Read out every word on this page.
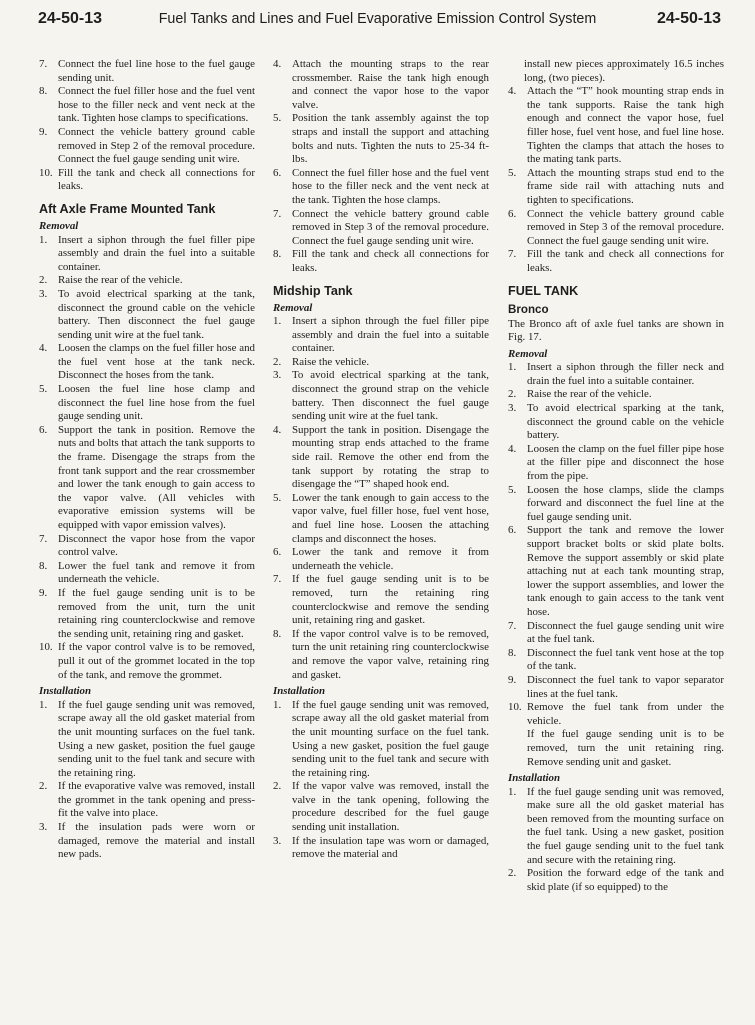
24-50-13	Fuel Tanks and Lines and Fuel Evaporative Emission Control System	24-50-13
7. Connect the fuel line hose to the fuel gauge sending unit.
8. Connect the fuel filler hose and the fuel vent hose to the filler neck and vent neck at the tank. Tighten hose clamps to specifications.
9. Connect the vehicle battery ground cable removed in Step 2 of the removal procedure. Connect the fuel gauge sending unit wire.
10. Fill the tank and check all connections for leaks.
Aft Axle Frame Mounted Tank
Removal
1. Insert a siphon through the fuel filler pipe assembly and drain the fuel into a suitable container.
2. Raise the rear of the vehicle.
3. To avoid electrical sparking at the tank, disconnect the ground cable on the vehicle battery. Then disconnect the fuel gauge sending unit wire at the fuel tank.
4. Loosen the clamps on the fuel filler hose and the fuel vent hose at the tank neck. Disconnect the hoses from the tank.
5. Loosen the fuel line hose clamp and disconnect the fuel line hose from the fuel gauge sending unit.
6. Support the tank in position. Remove the nuts and bolts that attach the tank supports to the frame. Disengage the straps from the front tank support and the rear crossmember and lower the tank enough to gain access to the vapor valve. (All vehicles with evaporative emission systems will be equipped with vapor emission valves).
7. Disconnect the vapor hose from the vapor control valve.
8. Lower the fuel tank and remove it from underneath the vehicle.
9. If the fuel gauge sending unit is to be removed from the unit, turn the unit retaining ring counterclockwise and remove the sending unit, retaining ring and gasket.
10. If the vapor control valve is to be removed, pull it out of the grommet located in the top of the tank, and remove the grommet.
Installation
1. If the fuel gauge sending unit was removed, scrape away all the old gasket material from the unit mounting surfaces on the fuel tank. Using a new gasket, position the fuel gauge sending unit to the fuel tank and secure with the retaining ring.
2. If the evaporative valve was removed, install the grommet in the tank opening and press-fit the valve into place.
3. If the insulation pads were worn or damaged, remove the material and install new pads.
4. Attach the mounting straps to the rear crossmember. Raise the tank high enough and connect the vapor hose to the vapor valve.
5. Position the tank assembly against the top straps and install the support and attaching bolts and nuts. Tighten the nuts to 25-34 ft-lbs.
6. Connect the fuel filler hose and the fuel vent hose to the filler neck and the vent neck at the tank. Tighten the hose clamps.
7. Connect the vehicle battery ground cable removed in Step 3 of the removal procedure. Connect the fuel gauge sending unit wire.
8. Fill the tank and check all connections for leaks.
Midship Tank
Removal
1. Insert a siphon through the fuel filler pipe assembly and drain the fuel into a suitable container.
2. Raise the vehicle.
3. To avoid electrical sparking at the tank, disconnect the ground strap on the vehicle battery. Then disconnect the fuel gauge sending unit wire at the fuel tank.
4. Support the tank in position. Disengage the mounting strap ends attached to the frame side rail. Remove the other end from the tank support by rotating the strap to disengage the “T” shaped hook end.
5. Lower the tank enough to gain access to the vapor valve, fuel filler hose, fuel vent hose, and fuel line hose. Loosen the attaching clamps and disconnect the hoses.
6. Lower the tank and remove it from underneath the vehicle.
7. If the fuel gauge sending unit is to be removed, turn the retaining ring counterclockwise and remove the sending unit, retaining ring and gasket.
8. If the vapor control valve is to be removed, turn the unit retaining ring counterclockwise and remove the vapor valve, retaining ring and gasket.
Installation
1. If the fuel gauge sending unit was removed, scrape away all the old gasket material from the unit mounting surface on the fuel tank. Using a new gasket, position the fuel gauge sending unit to the fuel tank and secure with the retaining ring.
2. If the vapor valve was removed, install the valve in the tank opening, following the procedure described for the fuel gauge sending unit installation.
3. If the insulation tape was worn or damaged, remove the material and
install new pieces approximately 16.5 inches long, (two pieces).
4. Attach the “T” hook mounting strap ends in the tank supports. Raise the tank high enough and connect the vapor hose, fuel filler hose, fuel vent hose, and fuel line hose. Tighten the clamps that attach the hoses to the mating tank parts.
5. Attach the mounting straps stud end to the frame side rail with attaching nuts and tighten to specifications.
6. Connect the vehicle battery ground cable removed in Step 3 of the removal procedure. Connect the fuel gauge sending unit wire.
7. Fill the tank and check all connections for leaks.
FUEL TANK
Bronco
The Bronco aft of axle fuel tanks are shown in Fig. 17.
Removal
1. Insert a siphon through the filler neck and drain the fuel into a suitable container.
2. Raise the rear of the vehicle.
3. To avoid electrical sparking at the tank, disconnect the ground cable on the vehicle battery.
4. Loosen the clamp on the fuel filler pipe hose at the filler pipe and disconnect the hose from the pipe.
5. Loosen the hose clamps, slide the clamps forward and disconnect the fuel line at the fuel gauge sending unit.
6. Support the tank and remove the lower support bracket bolts or skid plate bolts. Remove the support assembly or skid plate attaching nut at each tank mounting strap, lower the support assemblies, and lower the tank enough to gain access to the tank vent hose.
7. Disconnect the fuel gauge sending unit wire at the fuel tank.
8. Disconnect the fuel tank vent hose at the top of the tank.
9. Disconnect the fuel tank to vapor separator lines at the fuel tank.
10. Remove the fuel tank from under the vehicle.
If the fuel gauge sending unit is to be removed, turn the unit retaining ring. Remove sending unit and gasket.
Installation
1. If the fuel gauge sending unit was removed, make sure all the old gasket material has been removed from the mounting surface on the fuel tank. Using a new gasket, position the fuel gauge sending unit to the fuel tank and secure with the retaining ring.
2. Position the forward edge of the tank and skid plate (if so equipped) to the
